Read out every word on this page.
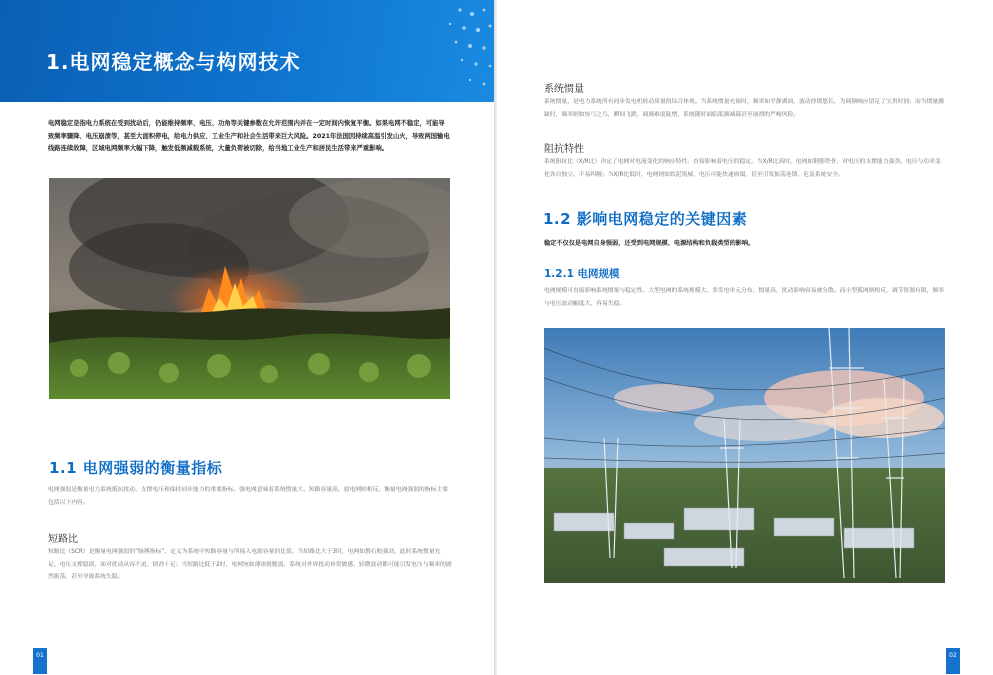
1.电网稳定概念与构网技术
电网稳定是指电力系统在受到扰动后，仍能维持频率、电压、功角等关键参数在允许范围内并在一定时间内恢复平衡。如果电网不稳定，可能导致频率骤降、电压崩溃等，甚至大面积停电，给电力供应、工业生产和社会生活带来巨大风险。2021年法国因持续高温引发山火，导致两国输电线路连续故障，区域电网频率大幅下降，触发低频减载系统，大量负荷被切除，给当地工业生产和居民生活带来严重影响。
1.1 电网强弱的衡量指标
电网强弱是衡量电力系统抵抗扰动、支撑电压和保持同步能力的重要指标。强电网意味着系统惯量大、短路容量高、弱电网则相反。衡量电网强弱的指标主要包括以下内容。
短路比
短路比（SCR）是衡量电网强弱的“脉搏指标”，定义为系统中短路容量与所接入电源容量的比值。当短路比大于3时，电网如磐石般强劲，此时系统惯量充足、电压支撑稳固，面对扰动从容不迫、韧劲十足；当短路比低于2时，电网宛如薄冰般脆弱，系统对外界扰动异常敏感，轻微波动都可能引发电压与频率的剧烈振荡，甚至导致系统失稳。
01
系统惯量
系统惯量，是电力系统所有同步发电机转动质量的综合体现。当系统惯量充裕时，频率如平静湖面，波动徐缓悠长，为调频响应留足了宝贵时间；而当惯量骤缺时，频率则如惊弓之鸟，瞬间飞跌，调频难度陡增，系统随时面临低频减载甚至崩溃的严峻风险。
阻抗特性
系统阻抗比（X/R比）决定了电网对电流变化的响应特性，直接影响着电压的稳定。当X/R比高时，电网如钢筋铁骨，对电压的支撑能力强劲，电压与功率变化各自独立、不易纠缠；当X/R比低时，电网则如软泥筑城，电压可能快速崩塌，甚至引发振荡连锁，危及系统安全。
1.2 影响电网稳定的关键因素
稳定不仅仅是电网自身强弱，还受到电网规模、电源结构和负载类型的影响。
1.2.1 电网规模
电网规模可直接影响系统惯量与稳定性。大型电网的系统规模大，多发电单元分布，惯量高，扰动影响容易被分散。而小型孤网则相反，调节资源有限，频率与电压波动幅度大，容易失稳。
02
